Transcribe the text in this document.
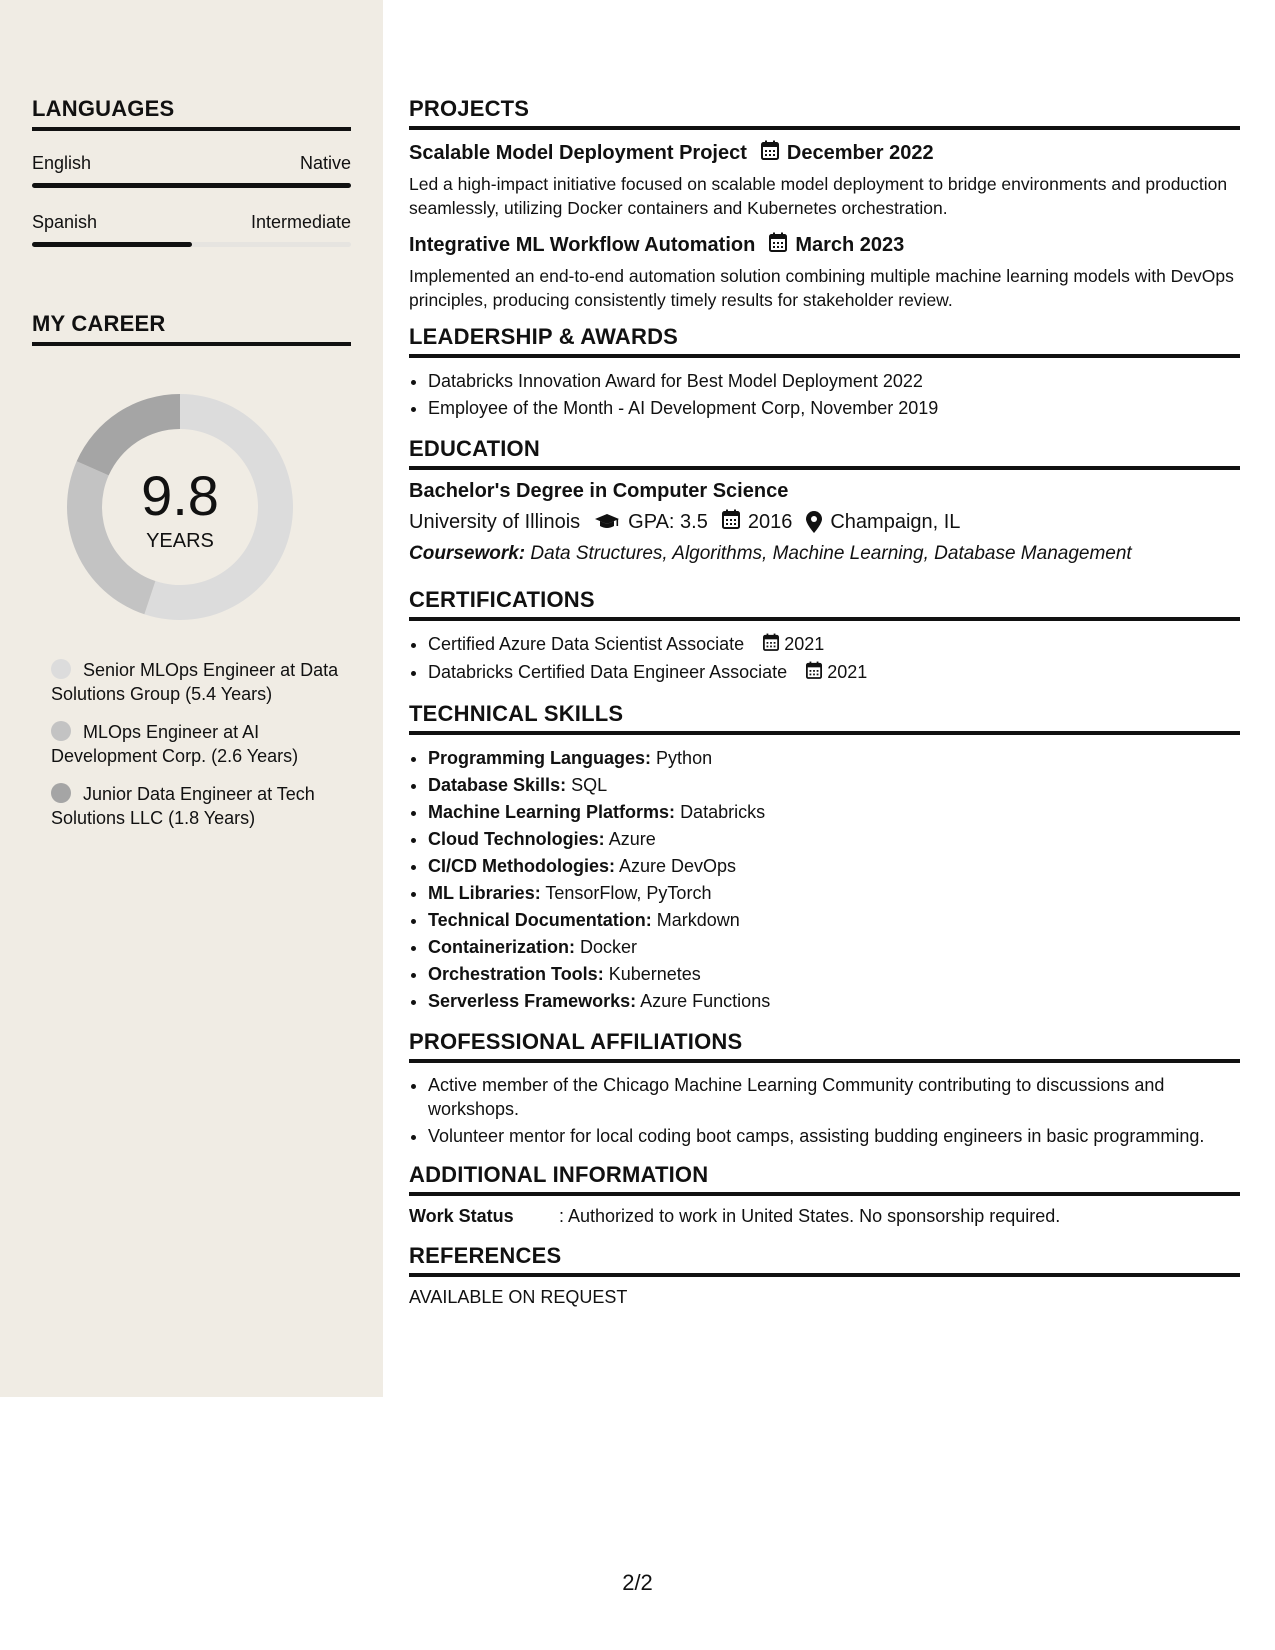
LANGUAGES
English	Native
Spanish	Intermediate
MY CAREER
9.8
YEARS
Senior MLOps Engineer at Data Solutions Group (5.4 Years)
MLOps Engineer at AI Development Corp. (2.6 Years)
Junior Data Engineer at Tech Solutions LLC (1.8 Years)
PROJECTS
Scalable Model Deployment Project December 2022
Led a high-impact initiative focused on scalable model deployment to bridge environments and production seamlessly, utilizing Docker containers and Kubernetes orchestration.
Integrative ML Workflow Automation March 2023
Implemented an end-to-end automation solution combining multiple machine learning models with DevOps principles, producing consistently timely results for stakeholder review.
LEADERSHIP & AWARDS
• Databricks Innovation Award for Best Model Deployment 2022
• Employee of the Month - AI Development Corp, November 2019
EDUCATION
Bachelor's Degree in Computer Science
University of Illinois GPA: 3.5 2016 Champaign, IL
Coursework: Data Structures, Algorithms, Machine Learning, Database Management
CERTIFICATIONS
• Certified Azure Data Scientist Associate 2021
• Databricks Certified Data Engineer Associate 2021
TECHNICAL SKILLS
• Programming Languages: Python
• Database Skills: SQL
• Machine Learning Platforms: Databricks
• Cloud Technologies: Azure
• CI/CD Methodologies: Azure DevOps
• ML Libraries: TensorFlow, PyTorch
• Technical Documentation: Markdown
• Containerization: Docker
• Orchestration Tools: Kubernetes
• Serverless Frameworks: Azure Functions
PROFESSIONAL AFFILIATIONS
• Active member of the Chicago Machine Learning Community contributing to discussions and workshops.
• Volunteer mentor for local coding boot camps, assisting budding engineers in basic programming.
ADDITIONAL INFORMATION
Work Status	: Authorized to work in United States. No sponsorship required.
REFERENCES
AVAILABLE ON REQUEST
2/2
